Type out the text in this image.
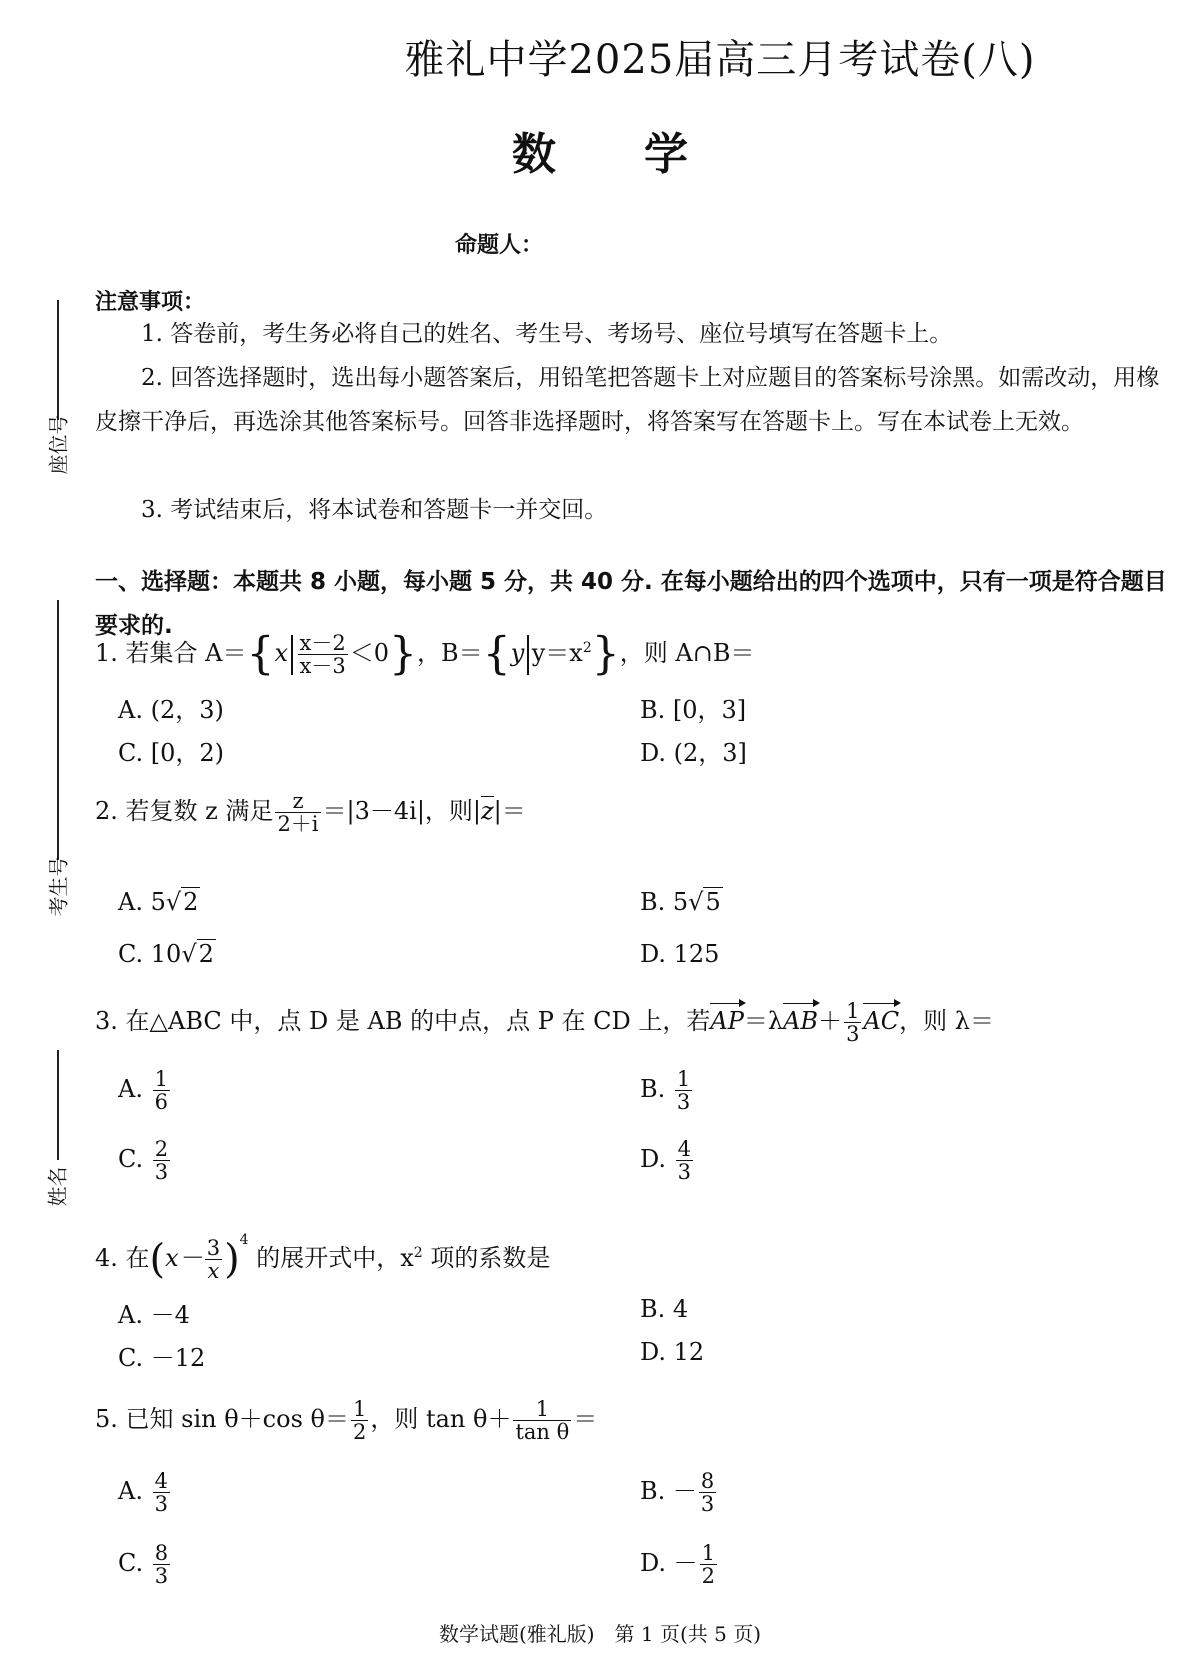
雅礼中学2025届高三月考试卷(八)
数学
命题人：
座位号
考生号
姓名
注意事项：
1. 答卷前，考生务必将自己的姓名、考生号、考场号、座位号填写在答题卡上。
2. 回答选择题时，选出每小题答案后，用铅笔把答题卡上对应题目的答案标号涂黑。如需改动，用橡皮擦干净后，再选涂其他答案标号。回答非选择题时，将答案写在答题卡上。写在本试卷上无效。
3. 考试结束后，将本试卷和答题卡一并交回。
一、选择题：本题共 8 小题，每小题 5 分，共 40 分. 在每小题给出的四个选项中，只有一项是符合题目要求的.
1. 若集合 $A=\{x \frac{x-2}{x-3} <0\}$，B＝{y $y=x^2$}，则 A∩B＝
A. (2，3)	B. [0，3]
C. [0，2)	D. (2，3]
2. 若复数 z 满足 $\frac{z}{2+i} =|3-4i|$，则|z|＝
A. 5√2	B. 5√5
C. 10√2	D. 125
3. 在△ABC 中，点 D 是 AB 的中点，点 P 在 CD 上，若$AP=\lambda AB+ \frac{1}{3}$ AC，则 λ＝
A. $\frac{1}{6}$	B. $\frac{1}{3}$
C. $\frac{2}{3}$	D. $\frac{4}{3}$
4. 在$(x- \frac{3}{x} )^4$ 的展开式中，$x^2$ 项的系数是
A. －4	B. 4
C. －12	D. 12
5. 已知 sin θ＋cos $\theta= \frac{1}{2}$ ，则 $\tan \theta+ \frac{1}{\text{tan θ}}$ ＝
A. $\frac{4}{3}$	B. － $\frac{8}{3}$
C. $\frac{8}{3}$	D. － $\frac{1}{2}$
数学试题(雅礼版)　第 1 页(共 5 页)
